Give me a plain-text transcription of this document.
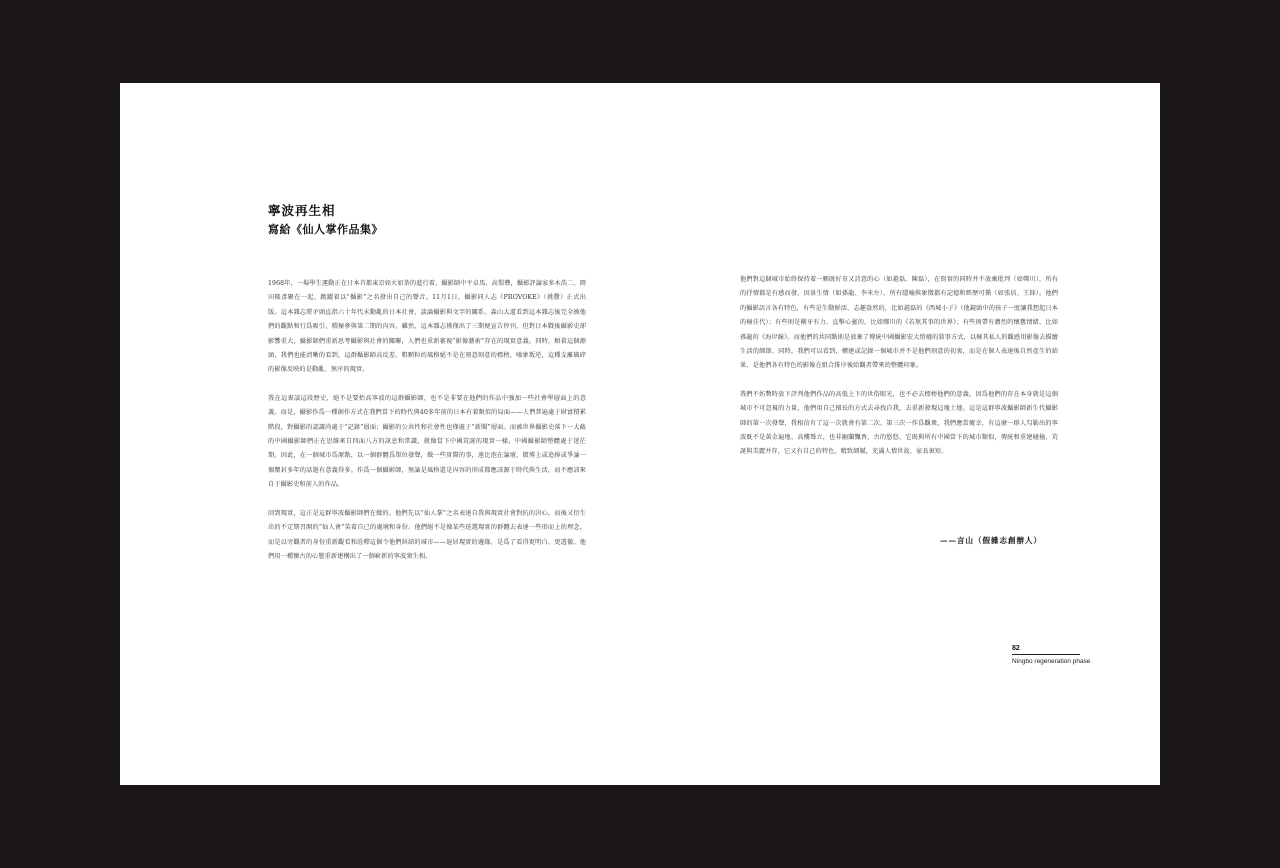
寧波再生相
寫給《仙人掌作品集》

1968年，一場學生運動正在日本首都東京如火如荼的進行着，攝影師中平卓馬、高梨豐，攝影評論家多木浩二、岡田隆彥聚在一起，跳躍着以“攝影”之名發出自己的聲音。11月1日，攝影同人志《PROVOKE》（挑釁）正式出版。這本雜志將矛頭直指六十年代末動亂的日本社會，談論攝影與文字的關系。森山大道看到這本雜志後完全被他們的觀點和行爲吸引，積極參與第二期的內容。雖然，這本雜志僅僅出了三期便宣告停刊，但對日本戰後攝影史卻影響重大，攝影師們重新思考攝影與社會的關聯，人們也重新審視“影像藝術”存在的現實意義。同時，順着這個源頭，我們也能清晰的看到，這群攝影師高反差、粗顆粒的風格絕不是在刻意刻意的標榜，噪象叛逆，這種支離破碎的影像反映的是動亂、無序的現實。

我在這裏談這段歷史，絕不是要抬高寧波的這群攝影師，也不是非要在他們的作品中強加一些社會學層面上的意義。而是，攝影作爲一種創作方式在我們當下的時代與40多年前的日本有着類似的局面——人們普遍處于財富積累階段，對攝影的認識尚處于“記錄”層面；攝影的公共性和社會性也僅處于“新聞”層面。而被世界攝影史落下一大截的中國攝影師們正在思維來自四面八方的訊息和常識，就像當下中國荒誕的現實一樣，中國攝影師整體處于迷茫期。因此，在一個城市爲原點，以一個群體爲單位發聲，做一些實際的事，遠比泡在論壇、微博上或追捧或爭論一個塵封多年的話題有意義得多。作爲一個攝影師，無論是風格還是內容的形成都應該源于時代與生活，而不應該來自于攝影史和前人的作品。

回到現實，這正是這群寧波攝影師們在做的。他們先以“仙人掌”之名表達自我與現實社會對抗的決心，而後又衍生出的不定期召開的“仙人會”笑着自己的處境和身份。他們絕不是像某些迭選現實的群體去表達一些形而上的理念，而是以旁觀者的身份重新觀看和詮釋這個令他們糾結的城市——退居現實的邊緣，是爲了看得更明白、更透徹。他們用一種懷古的心態重新建構出了一個嶄新的寧波衆生相。

他們對這個城市始終保持着一顆既好奇又詩意的心（如趙磊、陳磊），在寫實的同時并不放棄批判（如鄭川），所有的抒情都是有感而發，因景生情（如孫龍、李米左），所有隱喻與象徵都有記憶和經歷可循（如張信、王鋒）。他們的攝影語言各有特色，有些是生動鮮活、志趣盎然的，比如趙磊的《西城小子》（他鏡頭中的孩子一度讓我想起日本的極佳代）；有些則是剛牙有力、直擊心靈的，比如鄭川的《若無其事的世界》；有些則帶有濃烈的懷舊情緒，比如孫龍的《海岸線》。而他們的共同點則是放棄了傳統中國攝影宏大悄噠的敘事方式，以極其私人的觀感用影像去描繪生活的細節。同時，我們可以看到，構建或記錄一個城市并不是他們刻意的初衷，而是在個人表達後自然產生的結果，是他們各有特色的影像在組合排序後給觀者帶來的整體印象。

我們不妨暫時放下評判他們作品的高低上下的世俗眼光，也不必去標榜他們的意義。因爲他們的存在本身就是這個城市不可忽視的力量，他們用自己擅長的方式去尋找自我，去重新發現這塊土地。這是這群寧波攝影師新生代攝影師的第一次發聲，我相信有了這一次就會有第二次、第三次一作爲觀衆，我們應當慶幸，有這麼一群人勾勒出的寧波既不是黃金遍地、高樓聳立，也非幽蘭飄香、古的悠悠，它既與所有中國當下的城市類似，傳統和重建碰撞，荒誕與美麗并存，它又有自己的特色，精致細膩，充滿人情世故、家長裏短。

——言山（假雜志創辦人）
82
Ningbo regeneration phase
